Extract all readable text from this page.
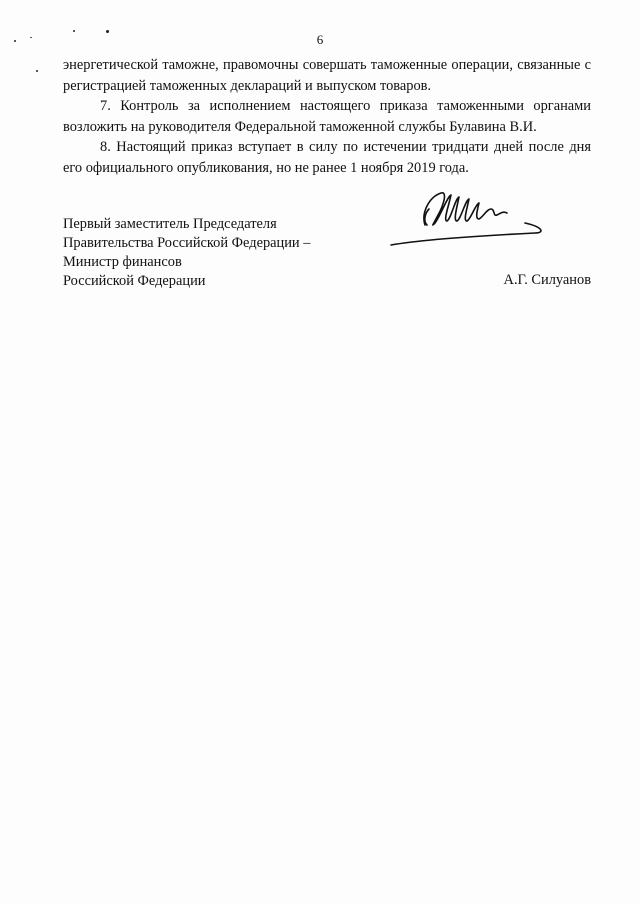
6

энергетической таможне, правомочны совершать таможенные операции, связанные с регистрацией таможенных деклараций и выпуском товаров.

7. Контроль за исполнением настоящего приказа таможенными органами возложить на руководителя Федеральной таможенной службы Булавина В.И.

8. Настоящий приказ вступает в силу по истечении тридцати дней после дня его официального опубликования, но не ранее 1 ноября 2019 года.

Первый заместитель Председателя
Правительства Российской Федерации –
Министр финансов
Российской Федерации	А.Г. Силуанов
